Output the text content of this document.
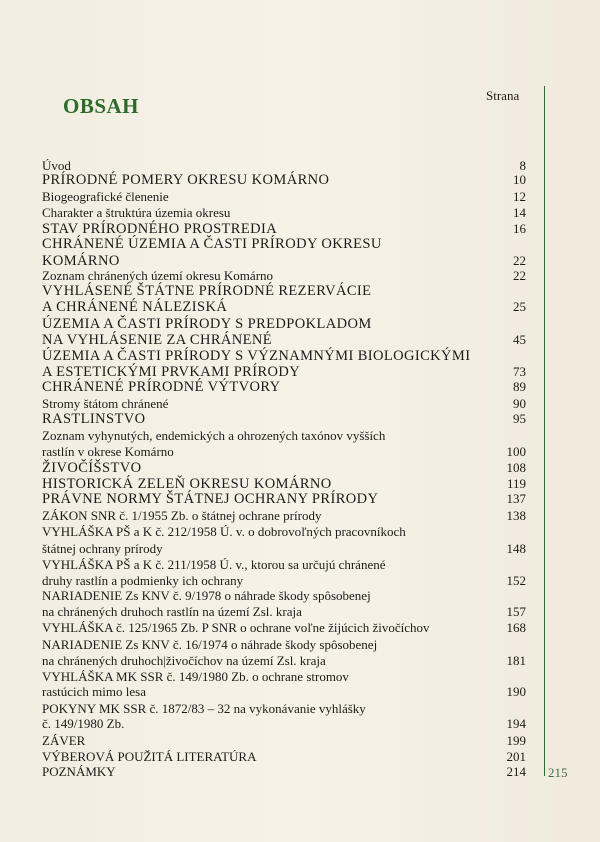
OBSAH	Strana
Úvod	8
PRÍRODNÉ POMERY OKRESU KOMÁRNO	10
Biogeografické členenie	12
Charakter a štruktúra územia okresu	14
STAV PRÍRODNÉHO PROSTREDIA	16
CHRÁNENÉ ÚZEMIA A ČASTI PRÍRODY OKRESU
KOMÁRNO	22
Zoznam chránených území okresu Komárno	22
VYHLÁSENÉ ŠTÁTNE PRÍRODNÉ REZERVÁCIE
A CHRÁNENÉ NÁLEZISKÁ	25
ÚZEMIA A ČASTI PRÍRODY S PREDPOKLADOM
NA VYHLÁSENIE ZA CHRÁNENÉ	45
ÚZEMIA A ČASTI PRÍRODY S VÝZNAMNÝMI BIOLOGICKÝMI
A ESTETICKÝMI PRVKAMI PRÍRODY	73
CHRÁNENÉ PRÍRODNÉ VÝTVORY	89
Stromy štátom chránené	90
RASTLINSTVO	95
Zoznam vyhynutých, endemických a ohrozených taxónov vyšších
rastlín v okrese Komárno	100
ŽIVOČÍŠSTVO	108
HISTORICKÁ ZELEŇ OKRESU KOMÁRNO	119
PRÁVNE NORMY ŠTÁTNEJ OCHRANY PRÍRODY	137
ZÁKON SNR č. 1/1955 Zb. o štátnej ochrane prírody	138
VYHLÁŠKA PŠ a K č. 212/1958 Ú. v. o dobrovoľných pracovníkoch
štátnej ochrany prírody	148
VYHLÁŠKA PŠ a K č. 211/1958 Ú. v., ktorou sa určujú chránené
druhy rastlín a podmienky ich ochrany	152
NARIADENIE Zs KNV č. 9/1978 o náhrade škody spôsobenej
na chránených druhoch rastlín na území Zsl. kraja	157
VYHLÁŠKA č. 125/1965 Zb. P SNR o ochrane voľne žijúcich živočíchov	168
NARIADENIE Zs KNV č. 16/1974 o náhrade škody spôsobenej
na chránených druhoch|živočíchov na území Zsl. kraja	181
VYHLÁŠKA MK SSR č. 149/1980 Zb. o ochrane stromov
rastúcich mimo lesa	190
POKYNY MK SSR č. 1872/83 – 32 na vykonávanie vyhlášky
č. 149/1980 Zb.	194
ZÁVER	199
VÝBEROVÁ POUŽITÁ LITERATÚRA	201
POZNÁMKY	214 215
